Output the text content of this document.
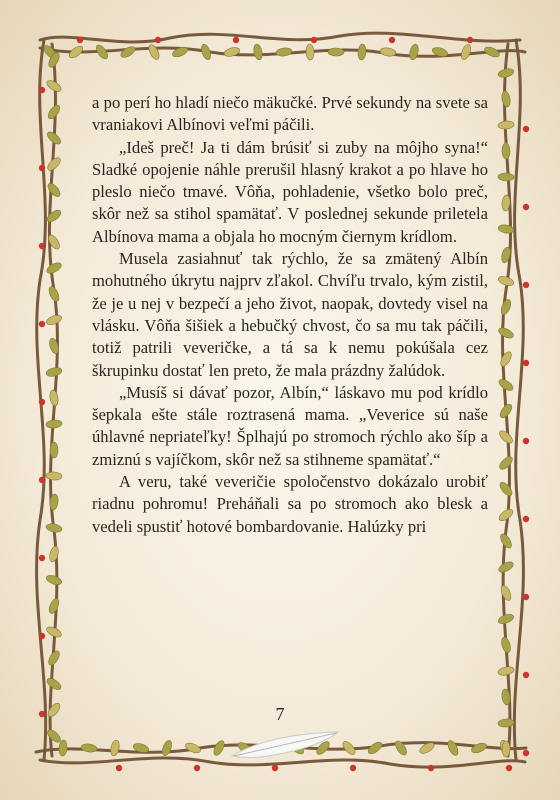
a po perí ho hladí niečo mäkučké. Prvé sekundy na svete sa vraniakovi Albínovi veľmi páčili.

„Ideš preč! Ja ti dám brúsiť si zuby na môjho syna!“ Sladké opojenie náhle prerušil hlasný krakot a po hlave ho pleslo niečo tmavé. Vôňa, pohladenie, všetko bolo preč, skôr než sa stihol spamätať. V poslednej sekunde priletela Albínova mama a objala ho mocným čiernym krídlom.

Musela zasiahnuť tak rýchlo, že sa zmätený Albín mohutného úkrytu najprv zľakol. Chvíľu trvalo, kým zistil, že je u nej v bezpečí a jeho život, naopak, dovtedy visel na vlásku. Vôňa šišiek a hebučký chvost, čo sa mu tak páčili, totiž patrili veveričke, a tá sa k nemu pokúšala cez škrupinku dostať len preto, že mala prázdny žalúdok.

„Musíš si dávať pozor, Albín,“ láskavo mu pod krídlo šepkala ešte stále roztrasená mama. „Veverice sú naše úhlavné nepriateľky! Šplhajú po stromoch rýchlo ako šíp a zmiznú s vajíčkom, skôr než sa stihneme spamätať.“

A veru, také veveričie spoločenstvo dokázalo urobiť riadnu pohromu! Preháňali sa po stromoch ako blesk a vedeli spustiť hotové bombardovanie. Halúzky pri

7
